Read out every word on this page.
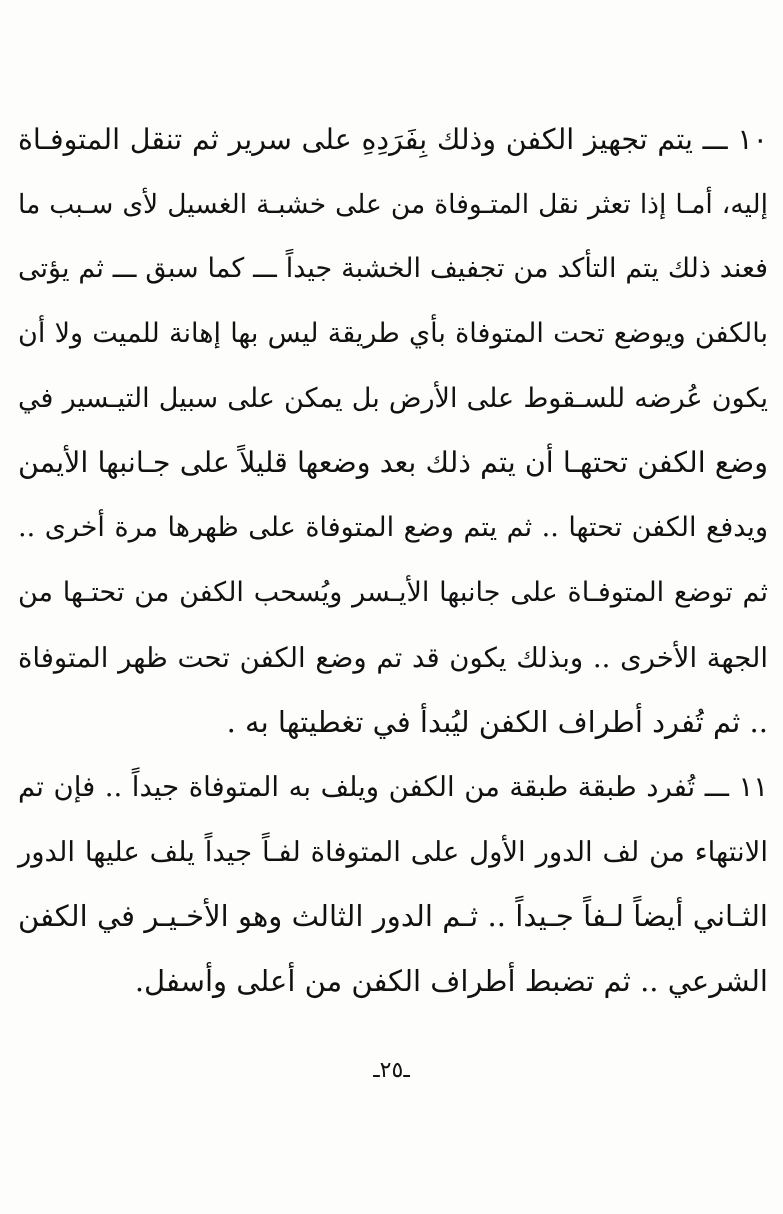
١٠ ـــ يتم تجهيز الكفن وذلك بِفَرَدِهِ على سرير ثم تنقل المتوفـاة
إليه، أمـا إذا تعثر نقل المتـوفاة من على خشبـة الغسيل لأى سـبب ما
فعند ذلك يتم التأكد من تجفيف الخشبة جيداً ـــ كما سبق ـــ ثم يؤتى
بالكفن ويوضع تحت المتوفاة بأي طريقة ليس بها إهانة للميت ولا أن
يكون عُرضه للسـقوط على الأرض بل يمكن على سبيل التيـسير في
وضع الكفن تحتهـا أن يتم ذلك بعد وضعها قليلاً على جـانبها الأيمن
ويدفع الكفن تحتها .. ثم يتم وضع المتوفاة على ظهرها مرة أخرى ..
ثم توضع المتوفـاة على جانبها الأيـسر ويُسحب الكفن من تحتـها من
الجهة الأخرى .. وبذلك يكون قد تم وضع الكفن تحت ظهر المتوفاة
.. ثم تُفرد أطراف الكفن ليُبدأ في تغطيتها به .
١١ ـــ تُفرد طبقة طبقة من الكفن ويلف به المتوفاة جيداً .. فإن تم
الانتهاء من لف الدور الأول على المتوفاة لفـاً جيداً يلف عليها الدور
الثـاني أيضاً لـفاً جـيداً .. ثـم الدور الثالث وهو الأخـيـر في الكفن
الشرعي .. ثم تضبط أطراف الكفن من أعلى وأسفل.
ـ٢٥ـ
